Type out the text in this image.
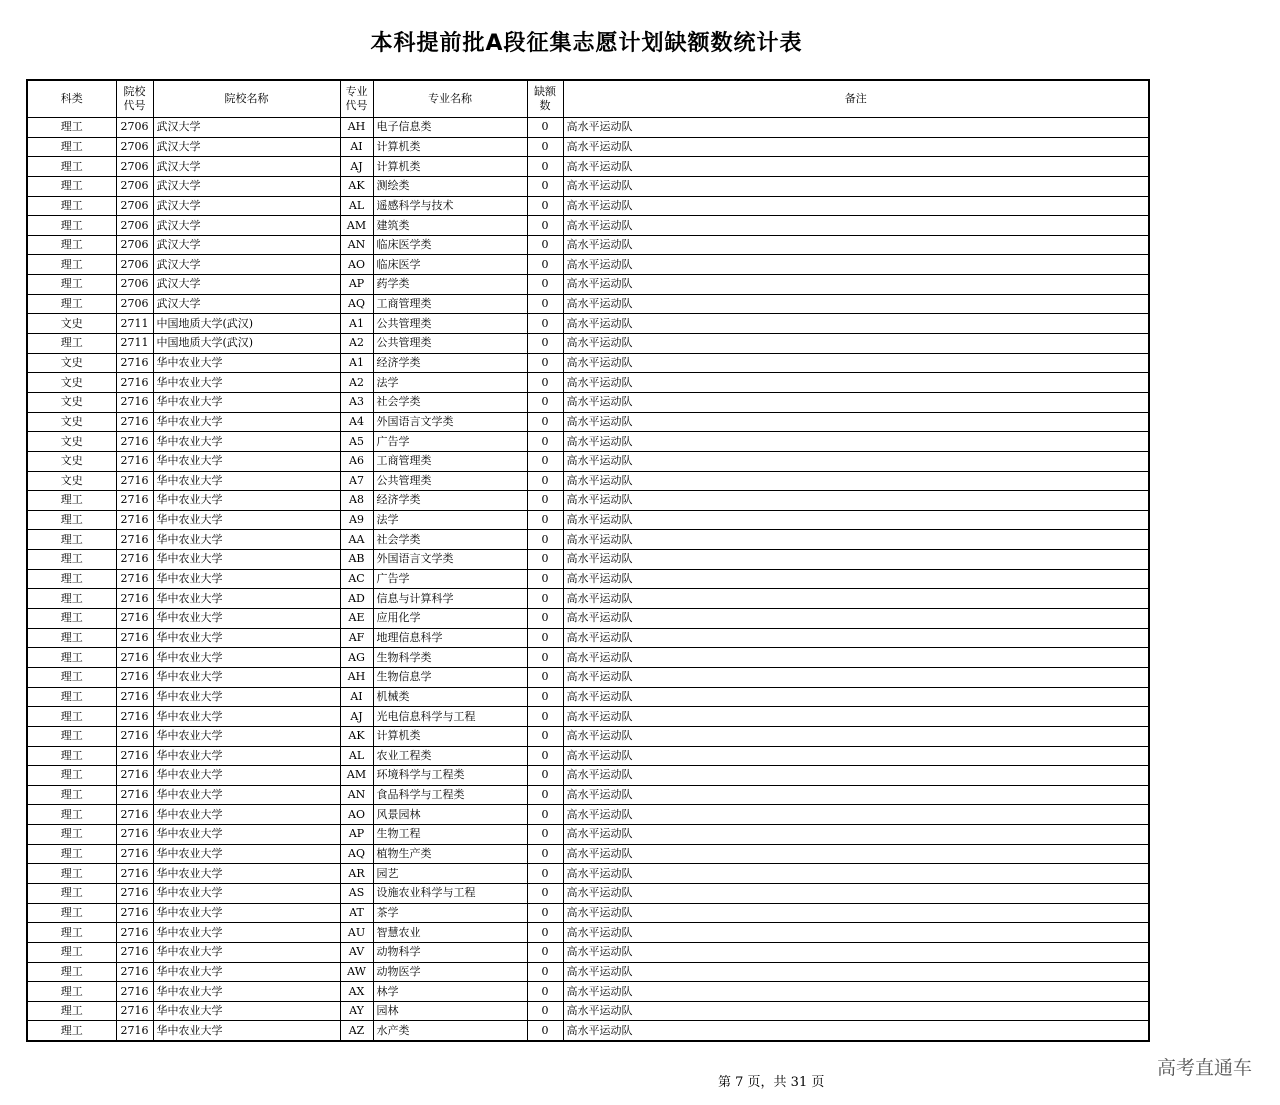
本科提前批A段征集志愿计划缺额数统计表
科类	院校代号	院校名称	专业代号	专业名称	缺额数	备注
理工	2706	武汉大学	AH	电子信息类	0	高水平运动队
理工	2706	武汉大学	AI	计算机类	0	高水平运动队
理工	2706	武汉大学	AJ	计算机类	0	高水平运动队
理工	2706	武汉大学	AK	测绘类	0	高水平运动队
理工	2706	武汉大学	AL	遥感科学与技术	0	高水平运动队
理工	2706	武汉大学	AM	建筑类	0	高水平运动队
理工	2706	武汉大学	AN	临床医学类	0	高水平运动队
理工	2706	武汉大学	AO	临床医学	0	高水平运动队
理工	2706	武汉大学	AP	药学类	0	高水平运动队
理工	2706	武汉大学	AQ	工商管理类	0	高水平运动队
文史	2711	中国地质大学(武汉)	A1	公共管理类	0	高水平运动队
理工	2711	中国地质大学(武汉)	A2	公共管理类	0	高水平运动队
文史	2716	华中农业大学	A1	经济学类	0	高水平运动队
文史	2716	华中农业大学	A2	法学	0	高水平运动队
文史	2716	华中农业大学	A3	社会学类	0	高水平运动队
文史	2716	华中农业大学	A4	外国语言文学类	0	高水平运动队
文史	2716	华中农业大学	A5	广告学	0	高水平运动队
文史	2716	华中农业大学	A6	工商管理类	0	高水平运动队
文史	2716	华中农业大学	A7	公共管理类	0	高水平运动队
理工	2716	华中农业大学	A8	经济学类	0	高水平运动队
理工	2716	华中农业大学	A9	法学	0	高水平运动队
理工	2716	华中农业大学	AA	社会学类	0	高水平运动队
理工	2716	华中农业大学	AB	外国语言文学类	0	高水平运动队
理工	2716	华中农业大学	AC	广告学	0	高水平运动队
理工	2716	华中农业大学	AD	信息与计算科学	0	高水平运动队
理工	2716	华中农业大学	AE	应用化学	0	高水平运动队
理工	2716	华中农业大学	AF	地理信息科学	0	高水平运动队
理工	2716	华中农业大学	AG	生物科学类	0	高水平运动队
理工	2716	华中农业大学	AH	生物信息学	0	高水平运动队
理工	2716	华中农业大学	AI	机械类	0	高水平运动队
理工	2716	华中农业大学	AJ	光电信息科学与工程	0	高水平运动队
理工	2716	华中农业大学	AK	计算机类	0	高水平运动队
理工	2716	华中农业大学	AL	农业工程类	0	高水平运动队
理工	2716	华中农业大学	AM	环境科学与工程类	0	高水平运动队
理工	2716	华中农业大学	AN	食品科学与工程类	0	高水平运动队
理工	2716	华中农业大学	AO	风景园林	0	高水平运动队
理工	2716	华中农业大学	AP	生物工程	0	高水平运动队
理工	2716	华中农业大学	AQ	植物生产类	0	高水平运动队
理工	2716	华中农业大学	AR	园艺	0	高水平运动队
理工	2716	华中农业大学	AS	设施农业科学与工程	0	高水平运动队
理工	2716	华中农业大学	AT	茶学	0	高水平运动队
理工	2716	华中农业大学	AU	智慧农业	0	高水平运动队
理工	2716	华中农业大学	AV	动物科学	0	高水平运动队
理工	2716	华中农业大学	AW	动物医学	0	高水平运动队
理工	2716	华中农业大学	AX	林学	0	高水平运动队
理工	2716	华中农业大学	AY	园林	0	高水平运动队
理工	2716	华中农业大学	AZ	水产类	0	高水平运动队
第 7 页，共 31 页
高考直通车
